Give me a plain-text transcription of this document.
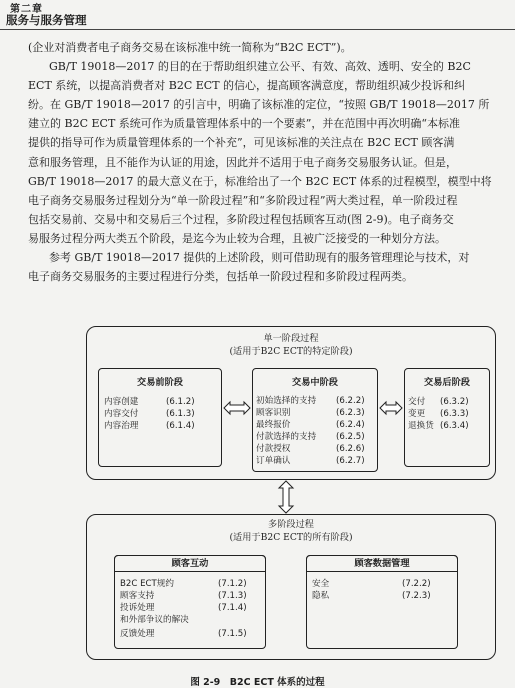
第二章
服务与服务管理
(企业对消费者电子商务交易在该标准中统一简称为“B2C ECT”)。
GB/T 19018—2017 的目的在于帮助组织建立公平、有效、高效、透明、安全的 B2C
ECT 系统，以提高消费者对 B2C ECT 的信心，提高顾客满意度，帮助组织减少投诉和纠
纷。在 GB/T 19018—2017 的引言中，明确了该标准的定位，“按照 GB/T 19018—2017 所
建立的 B2C ECT 系统可作为质量管理体系中的一个要素”，并在范围中再次明确“本标准
提供的指导可作为质量管理体系的一个补充”，可见该标准的关注点在 B2C ECT 顾客满
意和服务管理，且不能作为认证的用途，因此并不适用于电子商务交易服务认证。但是，
GB/T 19018—2017 的最大意义在于，标准给出了一个 B2C ECT 体系的过程模型，模型中将
电子商务交易服务过程划分为“单一阶段过程”和“多阶段过程”两大类过程，单一阶段过程
包括交易前、交易中和交易后三个过程，多阶段过程包括顾客互动(图 2-9)。电子商务交
易服务过程分两大类五个阶段，是迄今为止较为合理，且被广泛接受的一种划分方法。
参考 GB/T 19018—2017 提供的上述阶段，则可借助现有的服务管理理论与技术，对
电子商务交易服务的主要过程进行分类，包括单一阶段过程和多阶段过程两类。
单一阶段过程
(适用于B2C ECT的特定阶段)
交易前阶段
内容创建	(6.1.2)
内容交付	(6.1.3)
内容治理	(6.1.4)
交易中阶段
初始选择的支持 (6.2.2)
顾客识别	(6.2.3)
最终报价	(6.2.4)
付款选择的支持 (6.2.5)
付款授权	(6.2.6)
订单确认	(6.2.7)
交易后阶段
交付 (6.3.2)
变更 (6.3.3)
退换货 (6.3.4)
多阶段过程
(适用于B2C ECT的所有阶段)
顾客互动
B2C ECT规约	(7.1.2)
顾客支持	(7.1.3)
投诉处理	(7.1.4)
和外部争议的解决
反馈处理	(7.1.5)
顾客数据管理
安全	(7.2.2)
隐私	(7.2.3)
图 2-9　B2C ECT 体系的过程
